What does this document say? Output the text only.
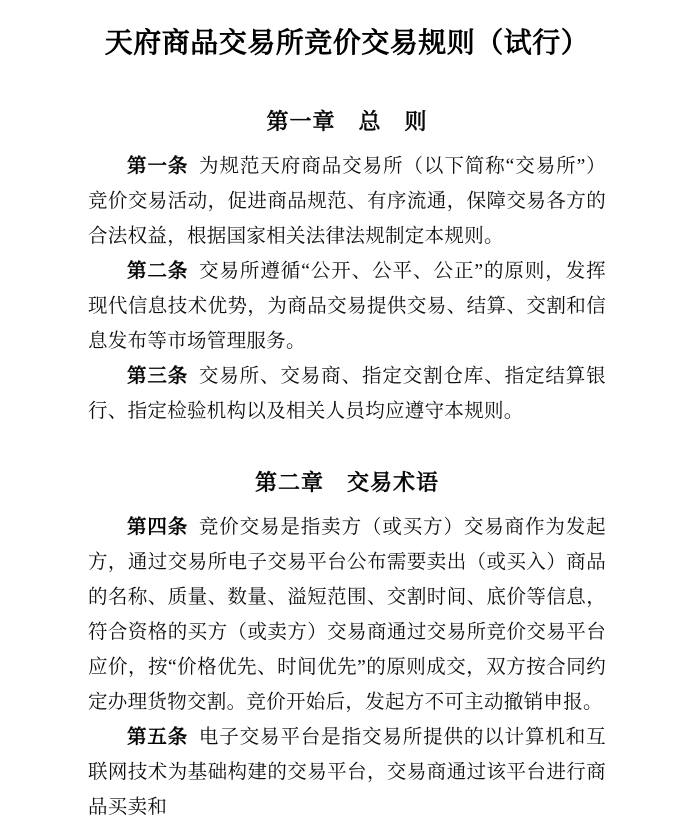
天府商品交易所竞价交易规则（试行）
第一章　总　则

第一条 为规范天府商品交易所（以下简称“交易所”）竞价交易活动，促进商品规范、有序流通，保障交易各方的合法权益，根据国家相关法律法规制定本规则。

第二条 交易所遵循“公开、公平、公正”的原则，发挥现代信息技术优势，为商品交易提供交易、结算、交割和信息发布等市场管理服务。

第三条 交易所、交易商、指定交割仓库、指定结算银行、指定检验机构以及相关人员均应遵守本规则。

第二章　交易术语

第四条 竞价交易是指卖方（或买方）交易商作为发起方，通过交易所电子交易平台公布需要卖出（或买入）商品的名称、质量、数量、溢短范围、交割时间、底价等信息，符合资格的买方（或卖方）交易商通过交易所竞价交易平台应价，按“价格优先、时间优先”的原则成交，双方按合同约定办理货物交割。竞价开始后，发起方不可主动撤销申报。

第五条 电子交易平台是指交易所提供的以计算机和互联网技术为基础构建的交易平台，交易商通过该平台进行商品买卖和
